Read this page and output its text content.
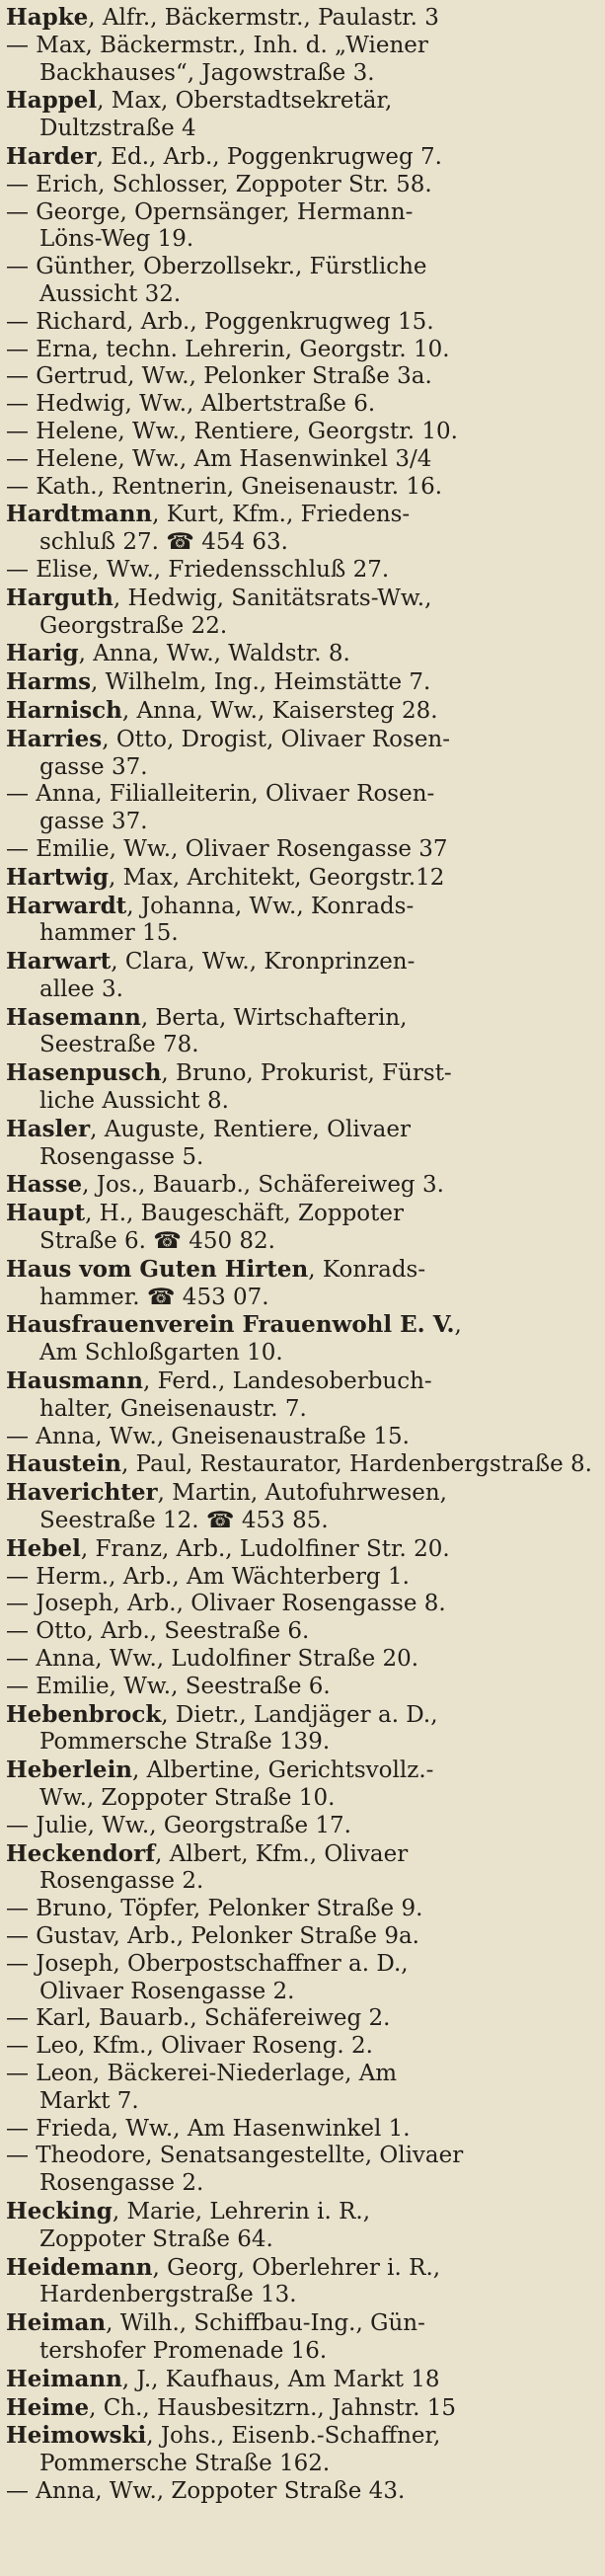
Hapke, Alfr., Bäckermstr., Paulastr. 3
— Max, Bäckermstr., Inh. d. „Wiener
Backhauses“, Jagowstraße 3.
Happel, Max, Oberstadtsekretär,
Dultzstraße 4
Harder, Ed., Arb., Poggenkrugweg 7.
— Erich, Schlosser, Zoppoter Str. 58.
— George, Opernsänger, Hermann-
Löns-Weg 19.
— Günther, Oberzollsekr., Fürstliche
Aussicht 32.
— Richard, Arb., Poggenkrugweg 15.
— Erna, techn. Lehrerin, Georgstr. 10.
— Gertrud, Ww., Pelonker Straße 3a.
— Hedwig, Ww., Albertstraße 6.
— Helene, Ww., Rentiere, Georgstr. 10.
— Helene, Ww., Am Hasenwinkel 3/4
— Kath., Rentnerin, Gneisenaustr. 16.
Hardtmann, Kurt, Kfm., Friedens-
schluß 27. ☎ 454 63.
— Elise, Ww., Friedensschluß 27.
Harguth, Hedwig, Sanitätsrats-Ww.,
Georgstraße 22.
Harig, Anna, Ww., Waldstr. 8.
Harms, Wilhelm, Ing., Heimstätte 7.
Harnisch, Anna, Ww., Kaisersteg 28.
Harries, Otto, Drogist, Olivaer Rosen-
gasse 37.
— Anna, Filialleiterin, Olivaer Rosen-
gasse 37.
— Emilie, Ww., Olivaer Rosengasse 37
Hartwig, Max, Architekt, Georgstr.12
Harwardt, Johanna, Ww., Konrads-
hammer 15.
Harwart, Clara, Ww., Kronprinzen-
allee 3.
Hasemann, Berta, Wirtschafterin,
Seestraße 78.
Hasenpusch, Bruno, Prokurist, Fürst-
liche Aussicht 8.
Hasler, Auguste, Rentiere, Olivaer
Rosengasse 5.
Hasse, Jos., Bauarb., Schäfereiweg 3.
Haupt, H., Baugeschäft, Zoppoter
Straße 6. ☎ 450 82.
Haus vom Guten Hirten, Konrads-
hammer. ☎ 453 07.
Hausfrauenverein Frauenwohl E. V.,
Am Schloßgarten 10.
Hausmann, Ferd., Landesoberbuch-
halter, Gneisenaustr. 7.
— Anna, Ww., Gneisenaustraße 15.
Haustein, Paul, Restaurator, Hardenbergstraße 8.
Haverichter, Martin, Autofuhrwesen,
Seestraße 12. ☎ 453 85.
Hebel, Franz, Arb., Ludolfiner Str. 20.
— Herm., Arb., Am Wächterberg 1.
— Joseph, Arb., Olivaer Rosengasse 8.
— Otto, Arb., Seestraße 6.
— Anna, Ww., Ludolfiner Straße 20.
— Emilie, Ww., Seestraße 6.
Hebenbrock, Dietr., Landjäger a. D.,
Pommersche Straße 139.
Heberlein, Albertine, Gerichtsvollz.-
Ww., Zoppoter Straße 10.
— Julie, Ww., Georgstraße 17.
Heckendorf, Albert, Kfm., Olivaer
Rosengasse 2.
— Bruno, Töpfer, Pelonker Straße 9.
— Gustav, Arb., Pelonker Straße 9a.
— Joseph, Oberpostschaffner a. D.,
Olivaer Rosengasse 2.
— Karl, Bauarb., Schäfereiweg 2.
— Leo, Kfm., Olivaer Roseng. 2.
— Leon, Bäckerei-Niederlage, Am
Markt 7.
— Frieda, Ww., Am Hasenwinkel 1.
— Theodore, Senatsangestellte, Olivaer
Rosengasse 2.
Hecking, Marie, Lehrerin i. R.,
Zoppoter Straße 64.
Heidemann, Georg, Oberlehrer i. R.,
Hardenbergstraße 13.
Heiman, Wilh., Schiffbau-Ing., Gün-
tershofer Promenade 16.
Heimann, J., Kaufhaus, Am Markt 18
Heime, Ch., Hausbesitzrn., Jahnstr. 15
Heimowski, Johs., Eisenb.-Schaffner,
Pommersche Straße 162.
— Anna, Ww., Zoppoter Straße 43.
